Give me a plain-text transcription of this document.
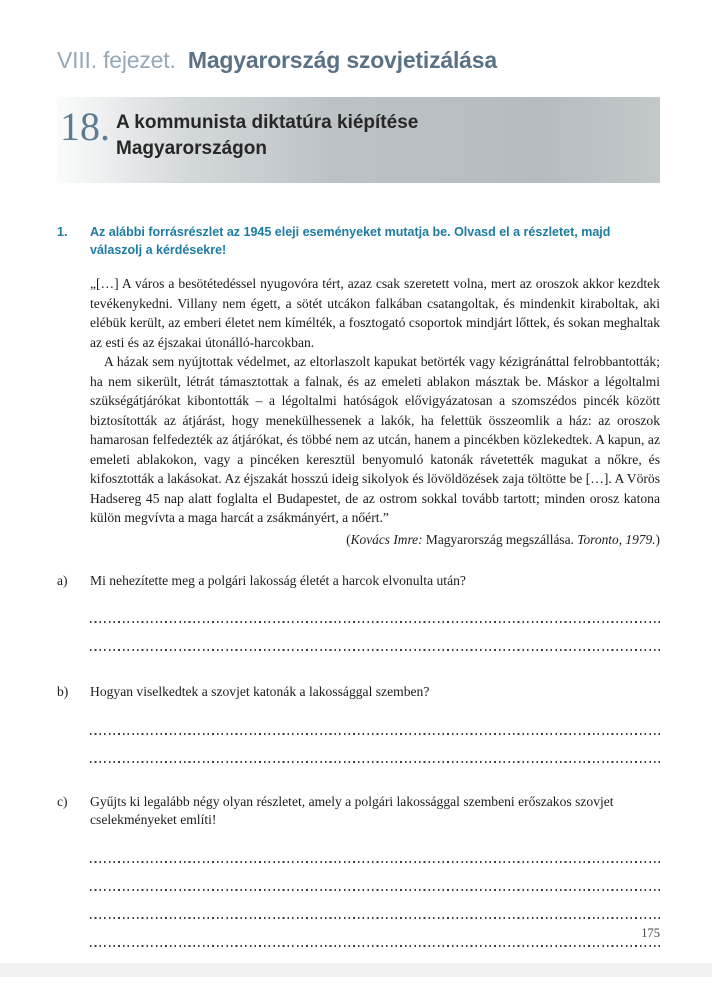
VIII. fejezet. Magyarország szovjetizálása
18. A kommunista diktatúra kiépítése
Magyarországon
1.	Az alábbi forrásrészlet az 1945 eleji eseményeket mutatja be. Olvasd el a részletet, majd válaszolj a kérdésekre!

„[…] A város a besötétedéssel nyugovóra tért, azaz csak szeretett volna, mert az oroszok akkor kezdtek tevékenykedni. Villany nem égett, a sötét utcákon falkában csatangoltak, és mindenkit kiraboltak, aki elébük került, az emberi életet nem kímélték, a fosztogató csoportok mindjárt lőttek, és sokan meghaltak az esti és az éjszakai útonálló-harcokban.

A házak sem nyújtottak védelmet, az eltorlaszolt kapukat betörték vagy kézigránáttal felrobbantották; ha nem sikerült, létrát támasztottak a falnak, és az emeleti ablakon másztak be. Máskor a légoltalmi szükségátjárókat kibontották – a légoltalmi hatóságok elővigyázatosan a szomszédos pincék között biztosították az átjárást, hogy menekülhessenek a lakók, ha felettük összeomlik a ház: az oroszok hamarosan felfedezték az átjárókat, és többé nem az utcán, hanem a pincékben közlekedtek. A kapun, az emeleti ablakokon, vagy a pincéken keresztül benyomuló katonák rávetették magukat a nőkre, és kifosztották a lakásokat. Az éjszakát hosszú ideig sikolyok és lövöldözések zaja töltötte be […]. A Vörös Hadsereg 45 nap alatt foglalta el Budapestet, de az ostrom sokkal tovább tartott; minden orosz katona külön megvívta a maga harcát a zsákmányért, a nőért.”

(Kovács Imre: Magyarország megszállása. Toronto, 1979.)
a)	Mi nehezítette meg a polgári lakosság életét a harcok elvonulta után?
b)	Hogyan viselkedtek a szovjet katonák a lakossággal szemben?
c)	Gyűjts ki legalább négy olyan részletet, amely a polgári lakossággal szembeni erőszakos szovjet cselekményeket említi!
175
